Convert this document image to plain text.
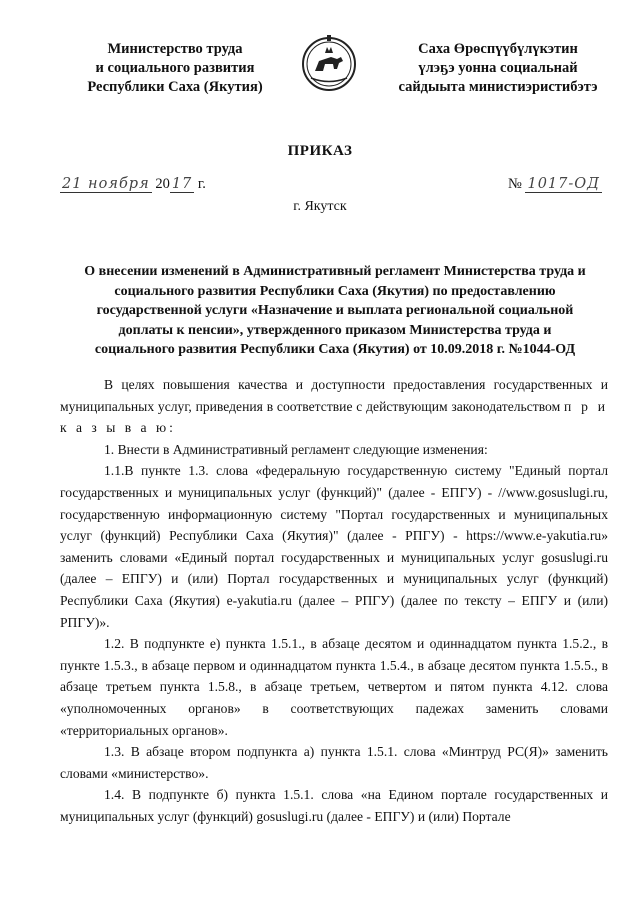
Министерство труда
и социального развития
Республики Саха (Якутия)
Саха Өрөспүүбүлүкэтин
үлэҕэ уонна социальнай
сайдыыта министиэристибэтэ
ПРИКАЗ
21 ноября 20 17 г.	№ 1017-ОД
г. Якутск
О внесении изменений в Административный регламент Министерства труда и
социального развития Республики Саха (Якутия) по предоставлению
государственной услуги «Назначение и выплата региональной социальной
доплаты к пенсии», утвержденного приказом Министерства труда и
социального развития Республики Саха (Якутия) от 10.09.2018 г. №1044-ОД

В целях повышения качества и доступности предоставления государственных и муниципальных услуг, приведения в соответствие с действующим законодательством п р и к а з ы в а ю:

1. Внести в Административный регламент следующие изменения:

1.1.В пункте 1.3. слова «федеральную государственную систему "Единый портал государственных и муниципальных услуг (функций)" (далее - ЕПГУ) - //www.gosuslugi.ru, государственную информационную систему "Портал государственных и муниципальных услуг (функций) Республики Саха (Якутия)" (далее - РПГУ) - https://www.e-yakutia.ru» заменить словами «Единый портал государственных и муниципальных услуг gosuslugi.ru (далее – ЕПГУ) и (или) Портал государственных и муниципальных услуг (функций) Республики Саха (Якутия) e-yakutia.ru (далее – РПГУ) (далее по тексту – ЕПГУ и (или) РПГУ)».

1.2. В подпункте е) пункта 1.5.1., в абзаце десятом и одиннадцатом пункта 1.5.2., в пункте 1.5.3., в абзаце первом и одиннадцатом пункта 1.5.4., в абзаце десятом пункта 1.5.5., в абзаце третьем пункта 1.5.8., в абзаце третьем, четвертом и пятом пункта 4.12. слова «уполномоченных органов» в соответствующих падежах заменить словами «территориальных органов».

1.3. В абзаце втором подпункта а) пункта 1.5.1. слова «Минтруд РС(Я)» заменить словами «министерство».

1.4. В подпункте б) пункта 1.5.1. слова «на Едином портале государственных и муниципальных услуг (функций) gosuslugi.ru (далее - ЕПГУ) и (или) Портале
